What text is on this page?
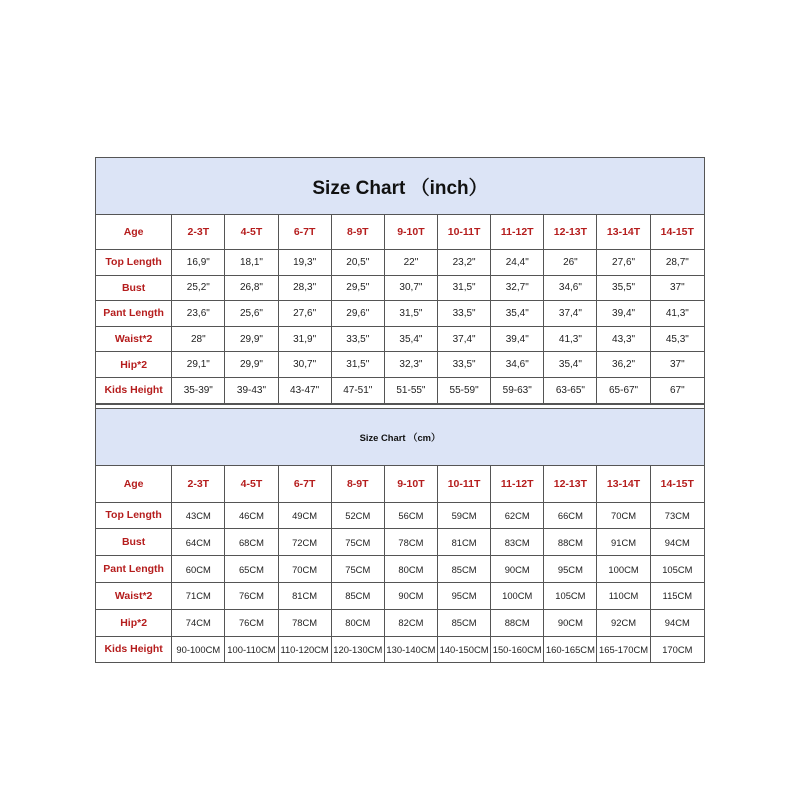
Size Chart （inch）										
Age	2-3T	4-5T	6-7T	8-9T	9-10T	10-11T	11-12T	12-13T	13-14T	14-15T
Top Length	16,9"	18,1"	19,3"	20,5"	22"	23,2"	24,4"	26"	27,6"	28,7"
Bust	25,2"	26,8"	28,3"	29,5"	30,7"	31,5"	32,7"	34,6"	35,5"	37"
Pant Length	23,6"	25,6"	27,6"	29,6"	31,5"	33,5"	35,4"	37,4"	39,4"	41,3"
Waist*2	28"	29,9"	31,9"	33,5"	35,4"	37,4"	39,4"	41,3"	43,3"	45,3"
Hip*2	29,1"	29,9"	30,7"	31,5"	32,3"	33,5"	34,6"	35,4"	36,2"	37"
Kids Height	35-39"	39-43"	43-47"	47-51"	51-55"	55-59"	59-63"	63-65"	65-67"	67"

Size Chart （cm）										
Age	2-3T	4-5T	6-7T	8-9T	9-10T	10-11T	11-12T	12-13T	13-14T	14-15T
Top Length	43CM	46CM	49CM	52CM	56CM	59CM	62CM	66CM	70CM	73CM
Bust	64CM	68CM	72CM	75CM	78CM	81CM	83CM	88CM	91CM	94CM
Pant Length	60CM	65CM	70CM	75CM	80CM	85CM	90CM	95CM	100CM	105CM
Waist*2	71CM	76CM	81CM	85CM	90CM	95CM	100CM	105CM	110CM	115CM
Hip*2	74CM	76CM	78CM	80CM	82CM	85CM	88CM	90CM	92CM	94CM
Kids Height	90-100CM	100-110CM	110-120CM	120-130CM	130-140CM	140-150CM	150-160CM	160-165CM	165-170CM	170CM
